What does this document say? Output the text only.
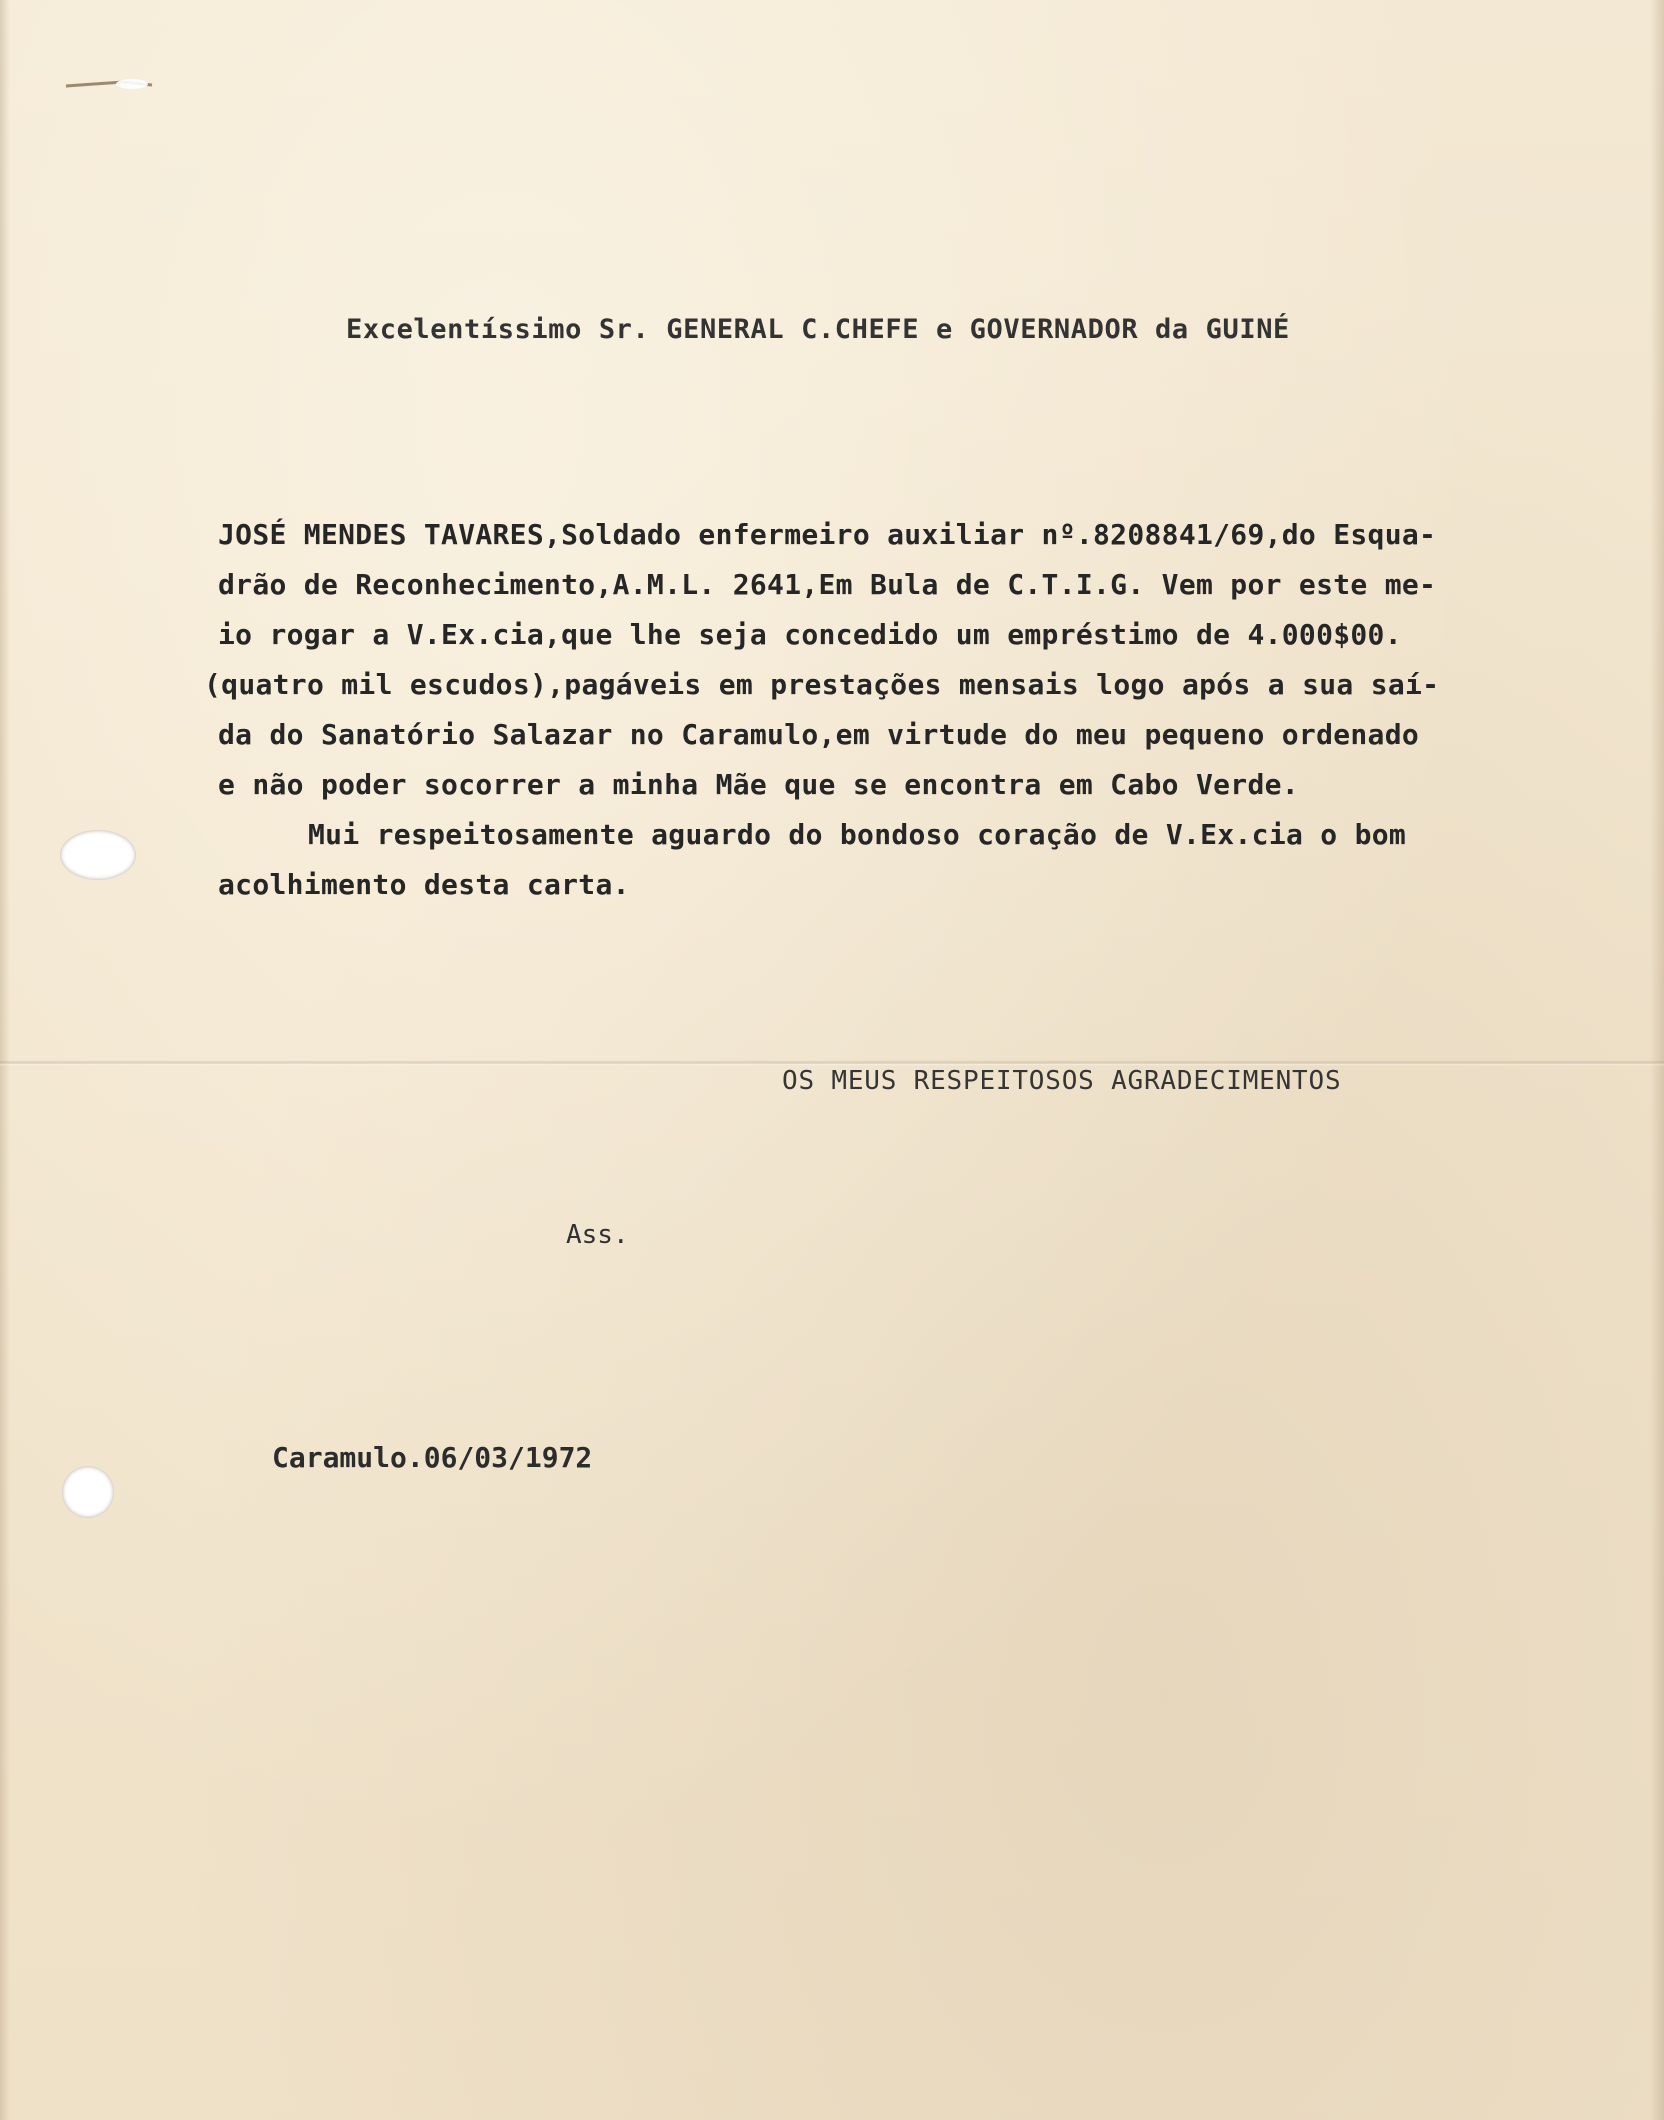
Excelentíssimo Sr. GENERAL C.CHEFE e GOVERNADOR da GUINÉ

JOSÉ MENDES TAVARES,Soldado enfermeiro auxiliar nº.8208841/69,do Esqua-

drão de Reconhecimento,A.M.L. 2641,Em Bula de C.T.I.G. Vem por este me-

io rogar a V.Ex.cia,que lhe seja concedido um empréstimo de 4.000$00.

(quatro mil escudos),pagáveis em prestações mensais logo após a sua saí-

da do Sanatório Salazar no Caramulo,em virtude do meu pequeno ordenado

e não poder socorrer a minha Mãe que se encontra em Cabo Verde.

Mui respeitosamente aguardo do bondoso coração de V.Ex.cia o bom

acolhimento desta carta.

OS MEUS RESPEITOSOS AGRADECIMENTOS

Ass.

Caramulo.06/03/1972
